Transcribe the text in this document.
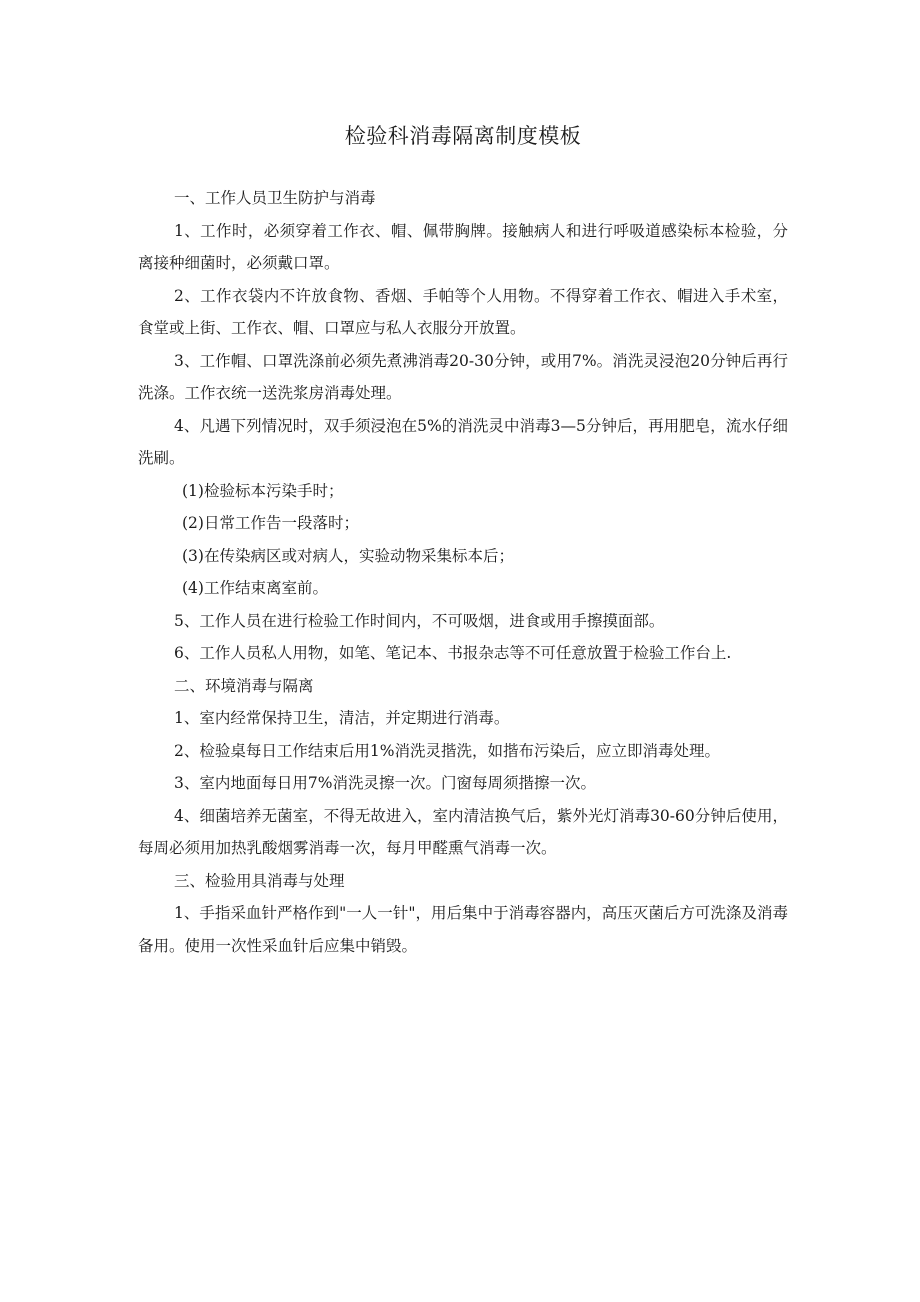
检验科消毒隔离制度模板

一、工作人员卫生防护与消毒

1、工作时，必须穿着工作衣、帽、佩带胸牌。接触病人和进行呼吸道感染标本检验，分离接种细菌时，必须戴口罩。

2、工作衣袋内不许放食物、香烟、手帕等个人用物。不得穿着工作衣、帽进入手术室，食堂或上街、工作衣、帽、口罩应与私人衣服分开放置。

3、工作帽、口罩洗涤前必须先煮沸消毒20-30分钟，或用7%。消洗灵浸泡20分钟后再行洗涤。工作衣统一送洗浆房消毒处理。

4、凡遇下列情况时，双手须浸泡在5%的消洗灵中消毒3—5分钟后，再用肥皂，流水仔细洗刷。

(1)检验标本污染手时；

(2)日常工作告一段落时；

(3)在传染病区或对病人，实验动物采集标本后；

(4)工作结束离室前。

5、工作人员在进行检验工作时间内，不可吸烟，进食或用手擦摸面部。

6、工作人员私人用物，如笔、笔记本、书报杂志等不可任意放置于检验工作台上.

二、环境消毒与隔离

1、室内经常保持卫生，清洁，并定期进行消毒。

2、检验桌每日工作结束后用1%消洗灵揩洗，如揩布污染后，应立即消毒处理。

3、室内地面每日用7%消洗灵擦一次。门窗每周须揩擦一次。

4、细菌培养无菌室，不得无故进入，室内清洁换气后，紫外光灯消毒30-60分钟后使用，每周必须用加热乳酸烟雾消毒一次，每月甲醛熏气消毒一次。

三、检验用具消毒与处理

1、手指采血针严格作到"一人一针"，用后集中于消毒容器内，高压灭菌后方可洗涤及消毒备用。使用一次性采血针后应集中销毁。
